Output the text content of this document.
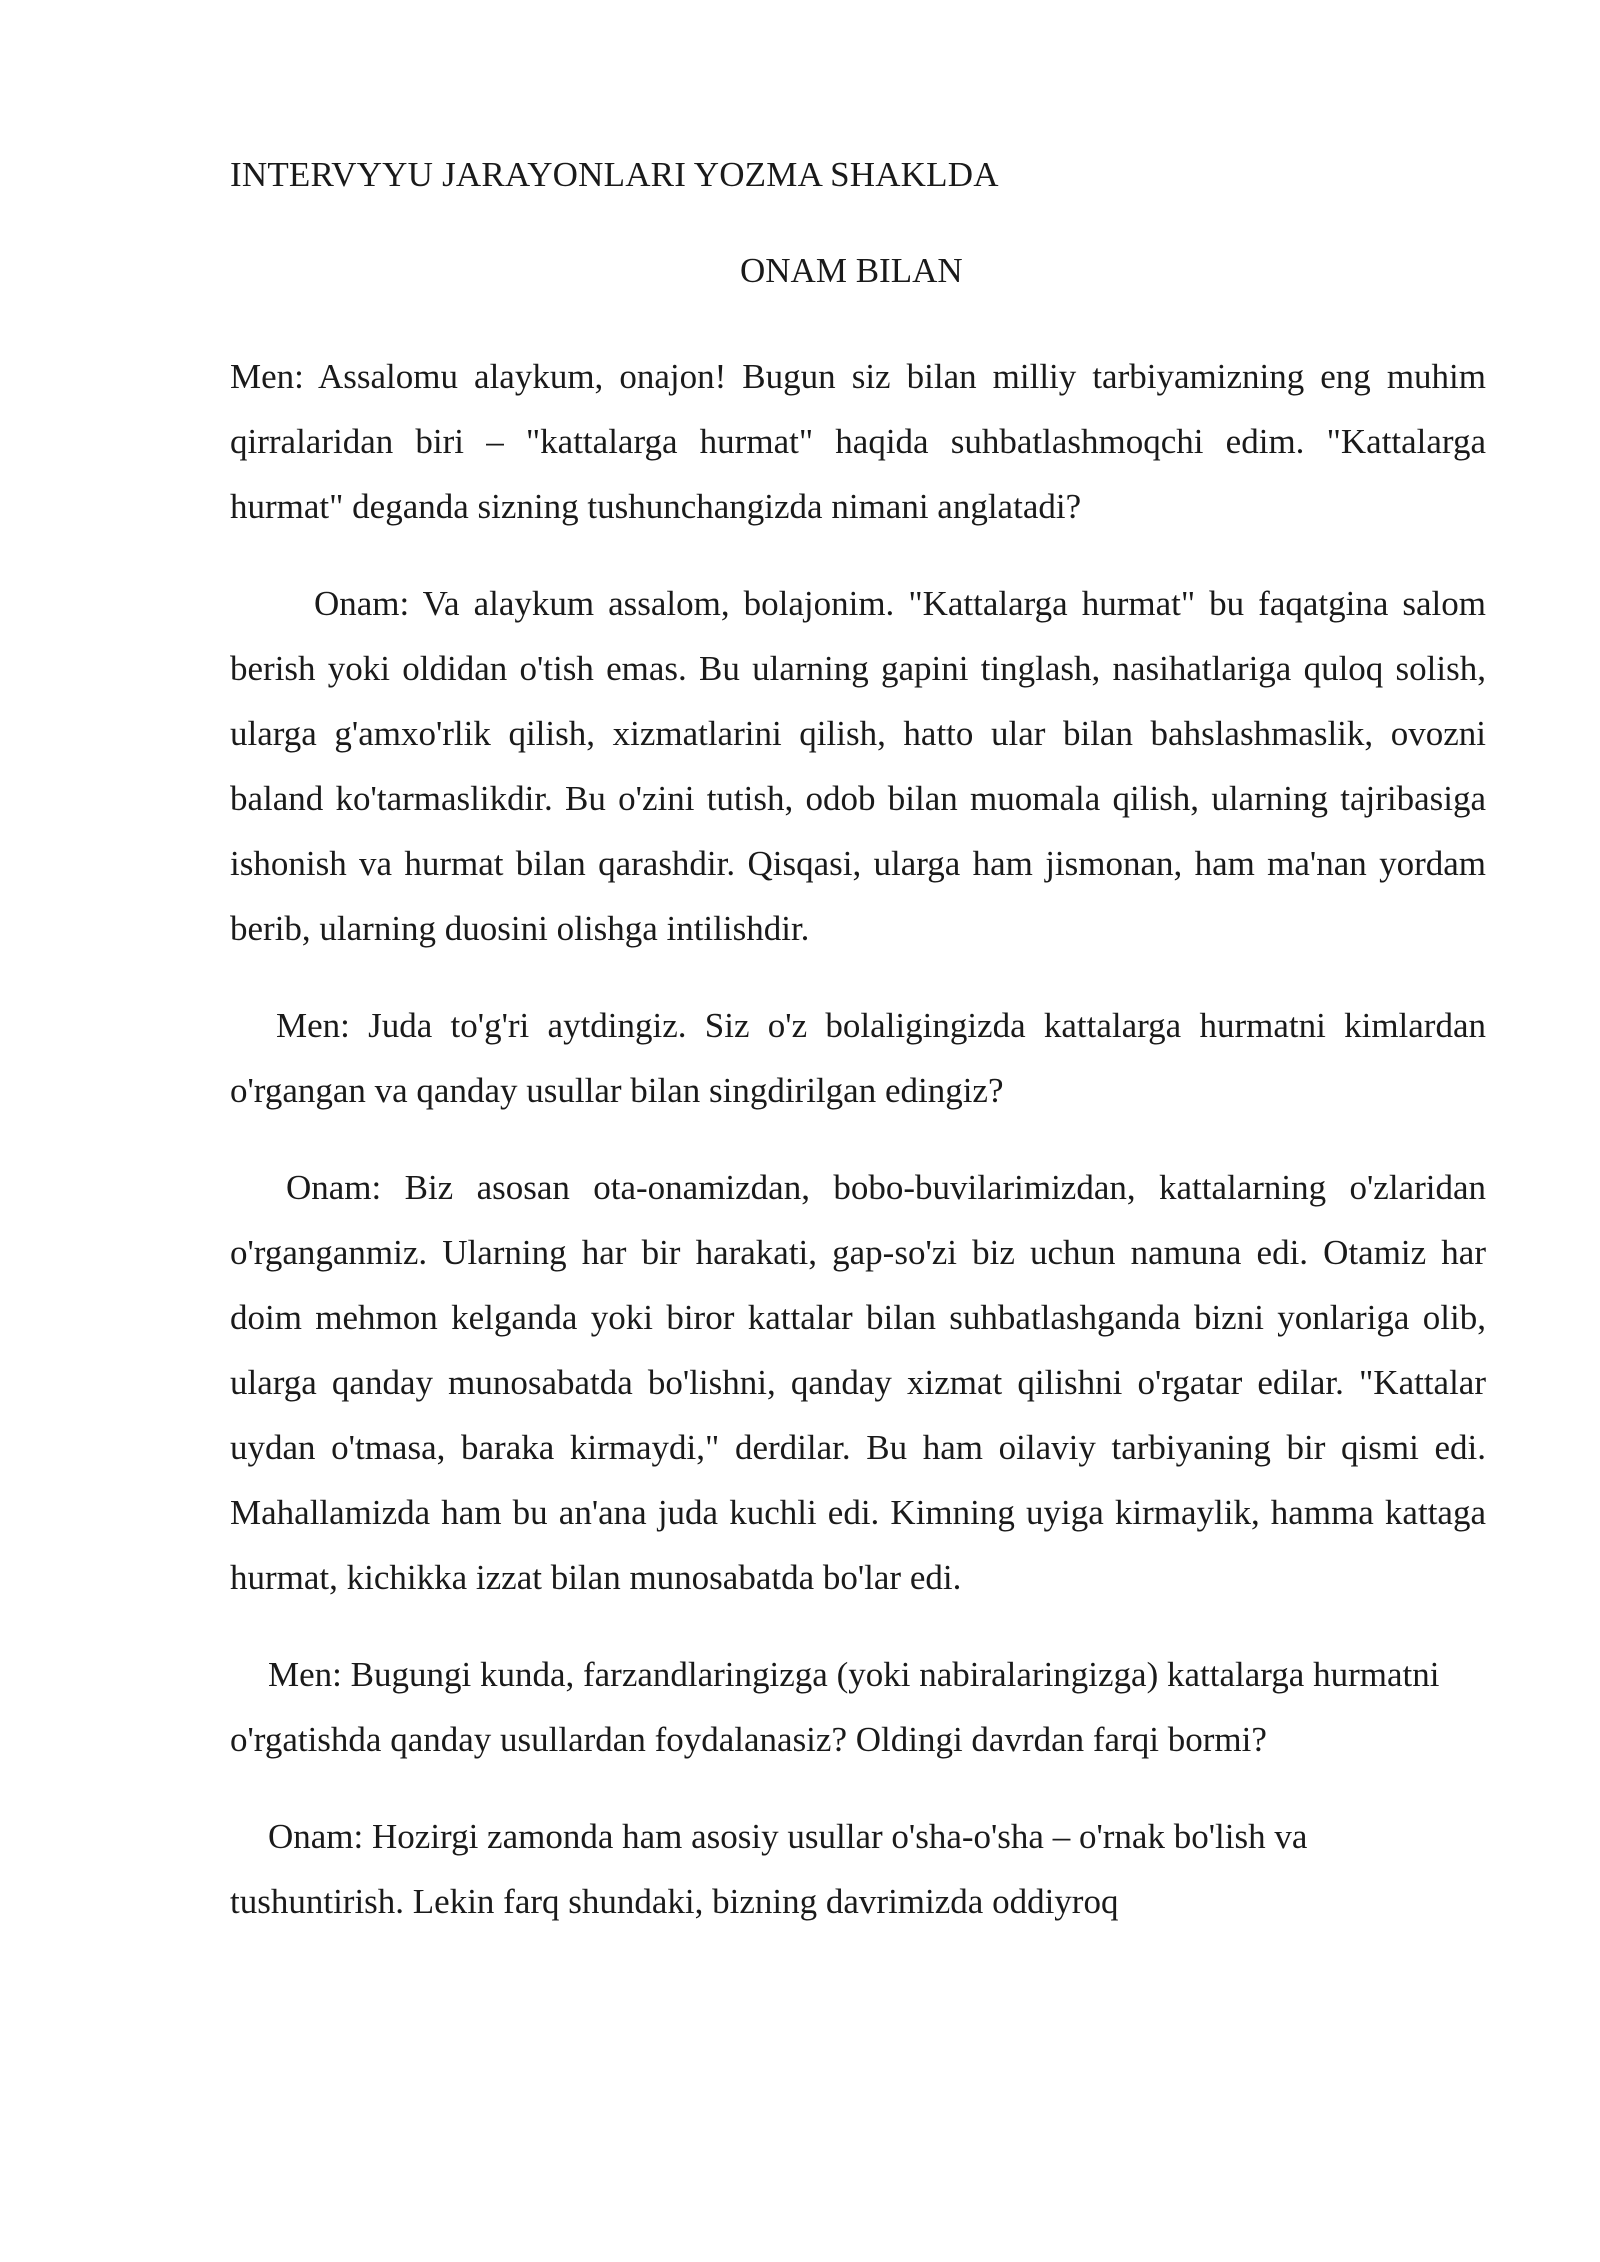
INTERVYYU JARAYONLARI YOZMA SHAKLDA
ONAM BILAN

Men: Assalomu alaykum, onajon! Bugun siz bilan milliy tarbiyamizning eng muhim qirralaridan biri – "kattalarga hurmat" haqida suhbatlashmoqchi edim. "Kattalarga hurmat" deganda sizning tushunchangizda nimani anglatadi?

Onam: Va alaykum assalom, bolajonim. "Kattalarga hurmat" bu faqatgina salom berish yoki oldidan o'tish emas. Bu ularning gapini tinglash, nasihatlariga quloq solish, ularga g'amxo'rlik qilish, xizmatlarini qilish, hatto ular bilan bahslashmaslik, ovozni baland ko'tarmaslikdir. Bu o'zini tutish, odob bilan muomala qilish, ularning tajribasiga ishonish va hurmat bilan qarashdir. Qisqasi, ularga ham jismonan, ham ma'nan yordam berib, ularning duosini olishga intilishdir.

Men: Juda to'g'ri aytdingiz. Siz o'z bolaligingizda kattalarga hurmatni kimlardan o'rgangan va qanday usullar bilan singdirilgan edingiz?

Onam: Biz asosan ota-onamizdan, bobo-buvilarimizdan, kattalarning o'zlaridan o'rganganmiz. Ularning har bir harakati, gap-so'zi biz uchun namuna edi. Otamiz har doim mehmon kelganda yoki biror kattalar bilan suhbatlashganda bizni yonlariga olib, ularga qanday munosabatda bo'lishni, qanday xizmat qilishni o'rgatar edilar. "Kattalar uydan o'tmasa, baraka kirmaydi," derdilar. Bu ham oilaviy tarbiyaning bir qismi edi. Mahallamizda ham bu an'ana juda kuchli edi. Kimning uyiga kirmaylik, hamma kattaga hurmat, kichikka izzat bilan munosabatda bo'lar edi.

Men: Bugungi kunda, farzandlaringizga (yoki nabiralaringizga) kattalarga hurmatni o'rgatishda qanday usullardan foydalanasiz? Oldingi davrdan farqi bormi?

Onam: Hozirgi zamonda ham asosiy usullar o'sha-o'sha – o'rnak bo'lish va tushuntirish. Lekin farq shundaki, bizning davrimizda oddiyroq
